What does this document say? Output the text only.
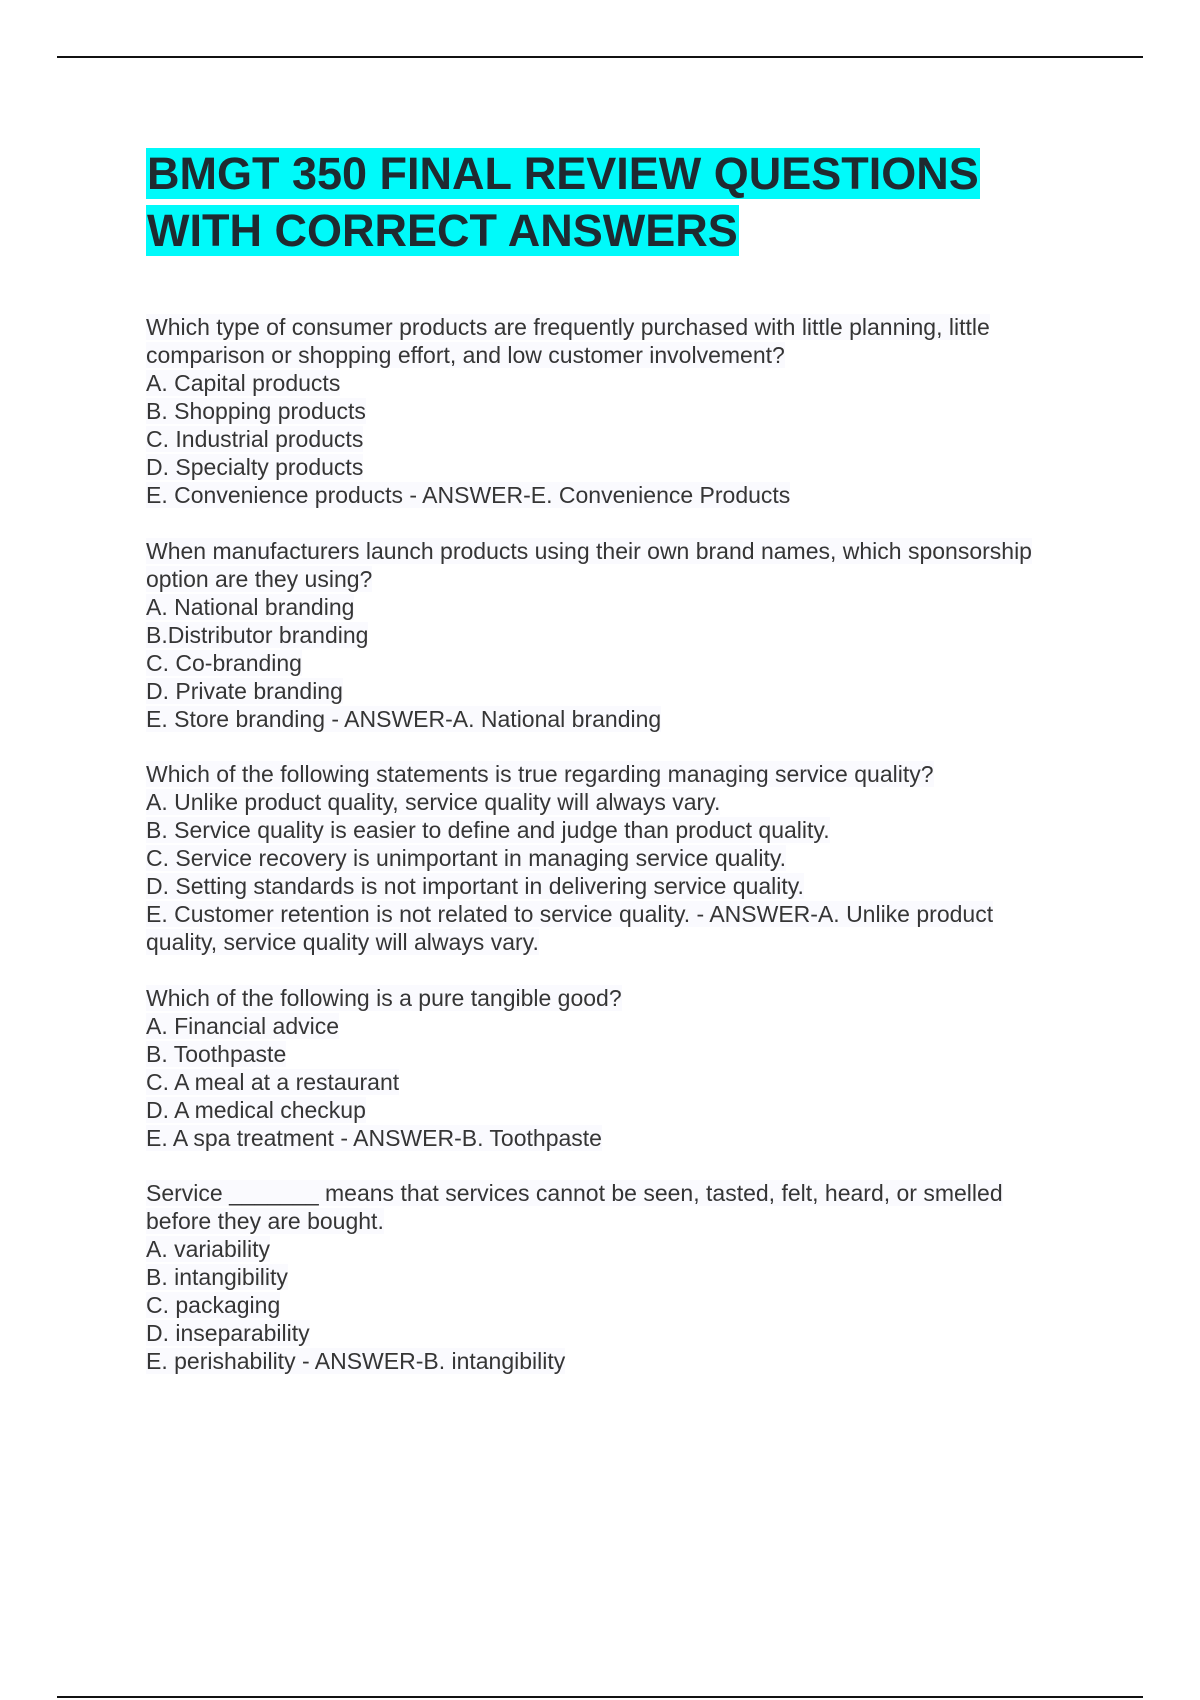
BMGT 350 FINAL REVIEW QUESTIONS
WITH CORRECT ANSWERS
Which type of consumer products are frequently purchased with little planning, little
comparison or shopping effort, and low customer involvement?
A. Capital products
B. Shopping products
C. Industrial products
D. Specialty products
E. Convenience products - ANSWER-E. Convenience Products
When manufacturers launch products using their own brand names, which sponsorship
option are they using?
A. National branding
B.Distributor branding
C. Co-branding
D. Private branding
E. Store branding - ANSWER-A. National branding
Which of the following statements is true regarding managing service quality?
A. Unlike product quality, service quality will always vary.
B. Service quality is easier to define and judge than product quality.
C. Service recovery is unimportant in managing service quality.
D. Setting standards is not important in delivering service quality.
E. Customer retention is not related to service quality. - ANSWER-A. Unlike product
quality, service quality will always vary.
Which of the following is a pure tangible good?
A. Financial advice
B. Toothpaste
C. A meal at a restaurant
D. A medical checkup
E. A spa treatment - ANSWER-B. Toothpaste
Service _______ means that services cannot be seen, tasted, felt, heard, or smelled
before they are bought.
A. variability
B. intangibility
C. packaging
D. inseparability
E. perishability - ANSWER-B. intangibility
